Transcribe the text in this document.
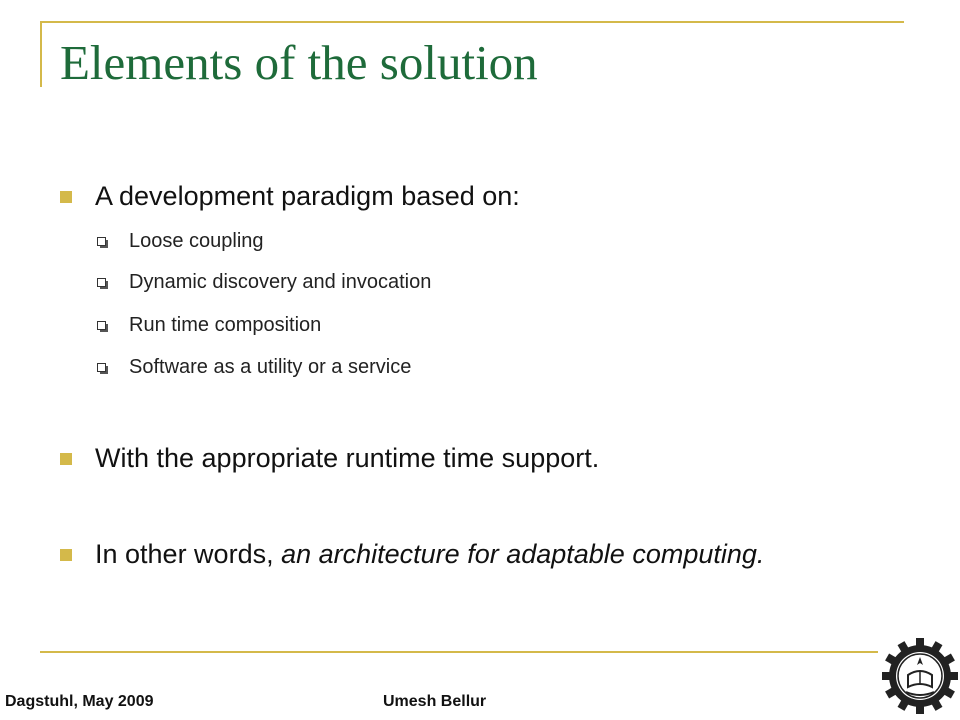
Elements of the solution
A development paradigm based on:
Loose coupling
Dynamic discovery and invocation
Run time composition
Software as a utility or a service
With the appropriate runtime time support.
In other words, an architecture for adaptable computing.
Dagstuhl, May 2009	Umesh Bellur
